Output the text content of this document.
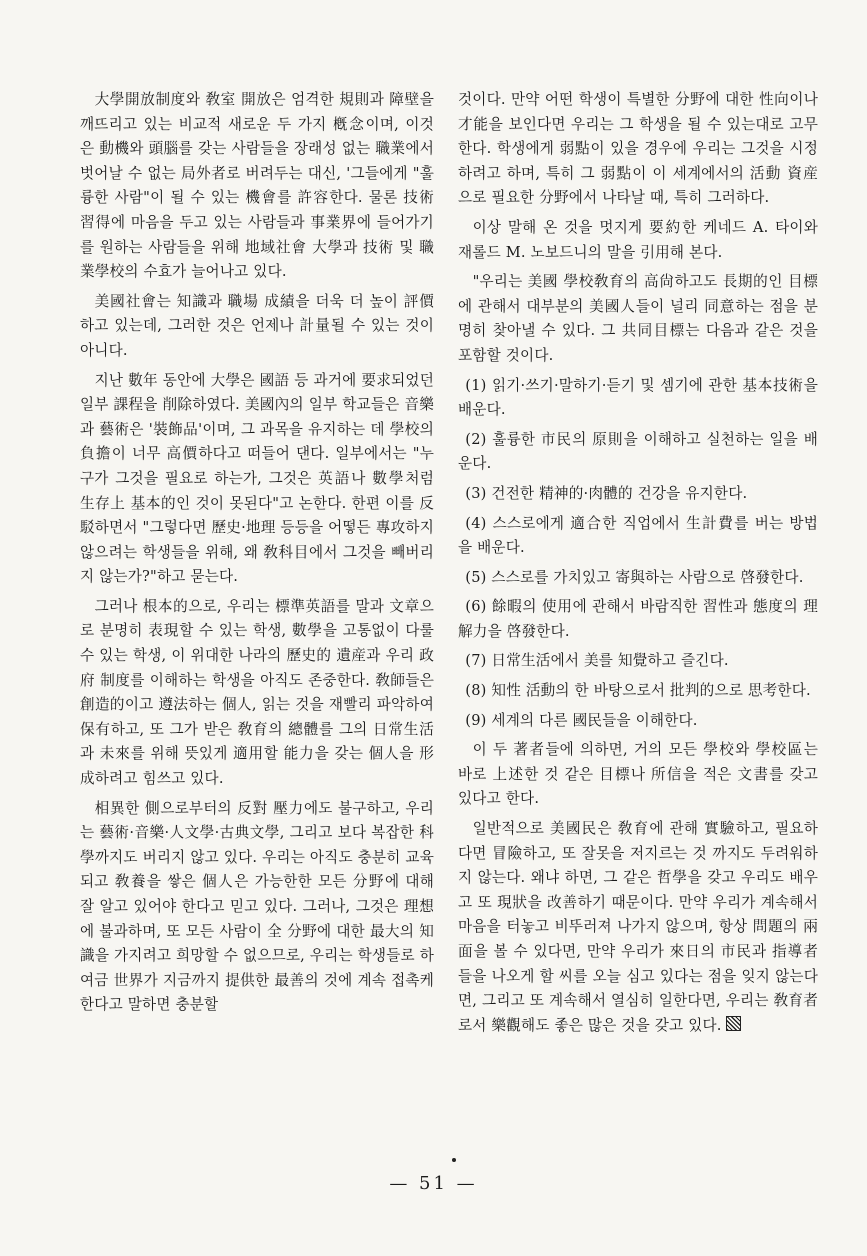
大學開放制度와 敎室 開放은 엄격한 規則과 障壁을 깨뜨리고 있는 비교적 새로운 두 가지 槪念이며, 이것은 動機와 頭腦를 갖는 사람들을 장래성 없는 職業에서 벗어날 수 없는 局外者로 버려두는 대신, '그들에게 "훌륭한 사람"이 될 수 있는 機會를 許容한다. 물론 技術習得에 마음을 두고 있는 사람들과 事業界에 들어가기를 원하는 사람들을 위해 地域社會 大學과 技術 및 職業學校의 수효가 늘어나고 있다.

美國社會는 知識과 職場 成績을 더욱 더 높이 評價하고 있는데, 그러한 것은 언제나 計量될 수 있는 것이 아니다.

지난 數年 동안에 大學은 國語 등 과거에 要求되었던 일부 課程을 削除하였다. 美國內의 일부 학교들은 音樂과 藝術은 '裝飾品'이며, 그 과목을 유지하는 데 學校의 負擔이 너무 高價하다고 떠들어 댄다. 일부에서는 "누구가 그것을 필요로 하는가, 그것은 英語나 數學처럼 生存上 基本的인 것이 못된다"고 논한다. 한편 이를 反駁하면서 "그렇다면 歷史·地理 등등을 어떻든 專攻하지 않으려는 학생들을 위해, 왜 敎科目에서 그것을 빼버리지 않는가?"하고 묻는다.

그러나 根本的으로, 우리는 標準英語를 말과 文章으로 분명히 表現할 수 있는 학생, 數學을 고통없이 다룰 수 있는 학생, 이 위대한 나라의 歷史的 遺産과 우리 政府 制度를 이해하는 학생을 아직도 존중한다. 敎師들은 創造的이고 遵法하는 個人, 읽는 것을 재빨리 파악하여 保有하고, 또 그가 받은 敎育의 總體를 그의 日常生活과 未來를 위해 뜻있게 適用할 能力을 갖는 個人을 形成하려고 힘쓰고 있다.

相異한 側으로부터의 反對 壓力에도 불구하고, 우리는 藝術·音樂·人文學·古典文學, 그리고 보다 복잡한 科學까지도 버리지 않고 있다. 우리는 아직도 충분히 교육되고 敎養을 쌓은 個人은 가능한한 모든 分野에 대해 잘 알고 있어야 한다고 믿고 있다. 그러나, 그것은 理想에 불과하며, 또 모든 사람이 全 分野에 대한 最大의 知識을 가지려고 희망할 수 없으므로, 우리는 학생들로 하여금 世界가 지금까지 提供한 最善의 것에 계속 접촉케 한다고 말하면 충분할

것이다. 만약 어떤 학생이 특별한 分野에 대한 性向이나 才能을 보인다면 우리는 그 학생을 될 수 있는대로 고무한다. 학생에게 弱點이 있을 경우에 우리는 그것을 시정하려고 하며, 특히 그 弱點이 이 세계에서의 活動 資産으로 필요한 分野에서 나타날 때, 특히 그러하다.

이상 말해 온 것을 멋지게 要約한 케네드 A. 타이와 재롤드 M. 노보드니의 말을 引用해 본다.

"우리는 美國 學校敎育의 高尙하고도 長期的인 目標에 관해서 대부분의 美國人들이 널리 同意하는 점을 분명히 찾아낼 수 있다. 그 共同目標는 다음과 같은 것을 포함할 것이다.

(1) 읽기·쓰기·말하기·듣기 및 셈기에 관한 基本技術을 배운다.

(2) 훌륭한 市民의 原則을 이해하고 실천하는 일을 배운다.

(3) 건전한 精神的·肉體的 건강을 유지한다.

(4) 스스로에게 適合한 직업에서 生計費를 버는 방법을 배운다.

(5) 스스로를 가치있고 寄與하는 사람으로 啓發한다.

(6) 餘暇의 使用에 관해서 바람직한 習性과 態度의 理解力을 啓發한다.

(7) 日常生活에서 美를 知覺하고 즐긴다.

(8) 知性 活動의 한 바탕으로서 批判的으로 思考한다.

(9) 세계의 다른 國民들을 이해한다.

이 두 著者들에 의하면, 거의 모든 學校와 學校區는 바로 上述한 것 같은 目標나 所信을 적은 文書를 갖고 있다고 한다.

일반적으로 美國民은 敎育에 관해 實驗하고, 필요하다면 冒險하고, 또 잘못을 저지르는 것 까지도 두려워하지 않는다. 왜냐 하면, 그 같은 哲學을 갖고 우리도 배우고 또 現狀을 改善하기 때문이다. 만약 우리가 계속해서 마음을 터놓고 비뚜러져 나가지 않으며, 항상 問題의 兩面을 볼 수 있다면, 만약 우리가 來日의 市民과 指導者들을 나오게 할 씨를 오늘 심고 있다는 점을 잊지 않는다면, 그리고 또 계속해서 열심히 일한다면, 우리는 敎育者로서 樂觀해도 좋은 많은 것을 갖고 있다.

— 51 —
